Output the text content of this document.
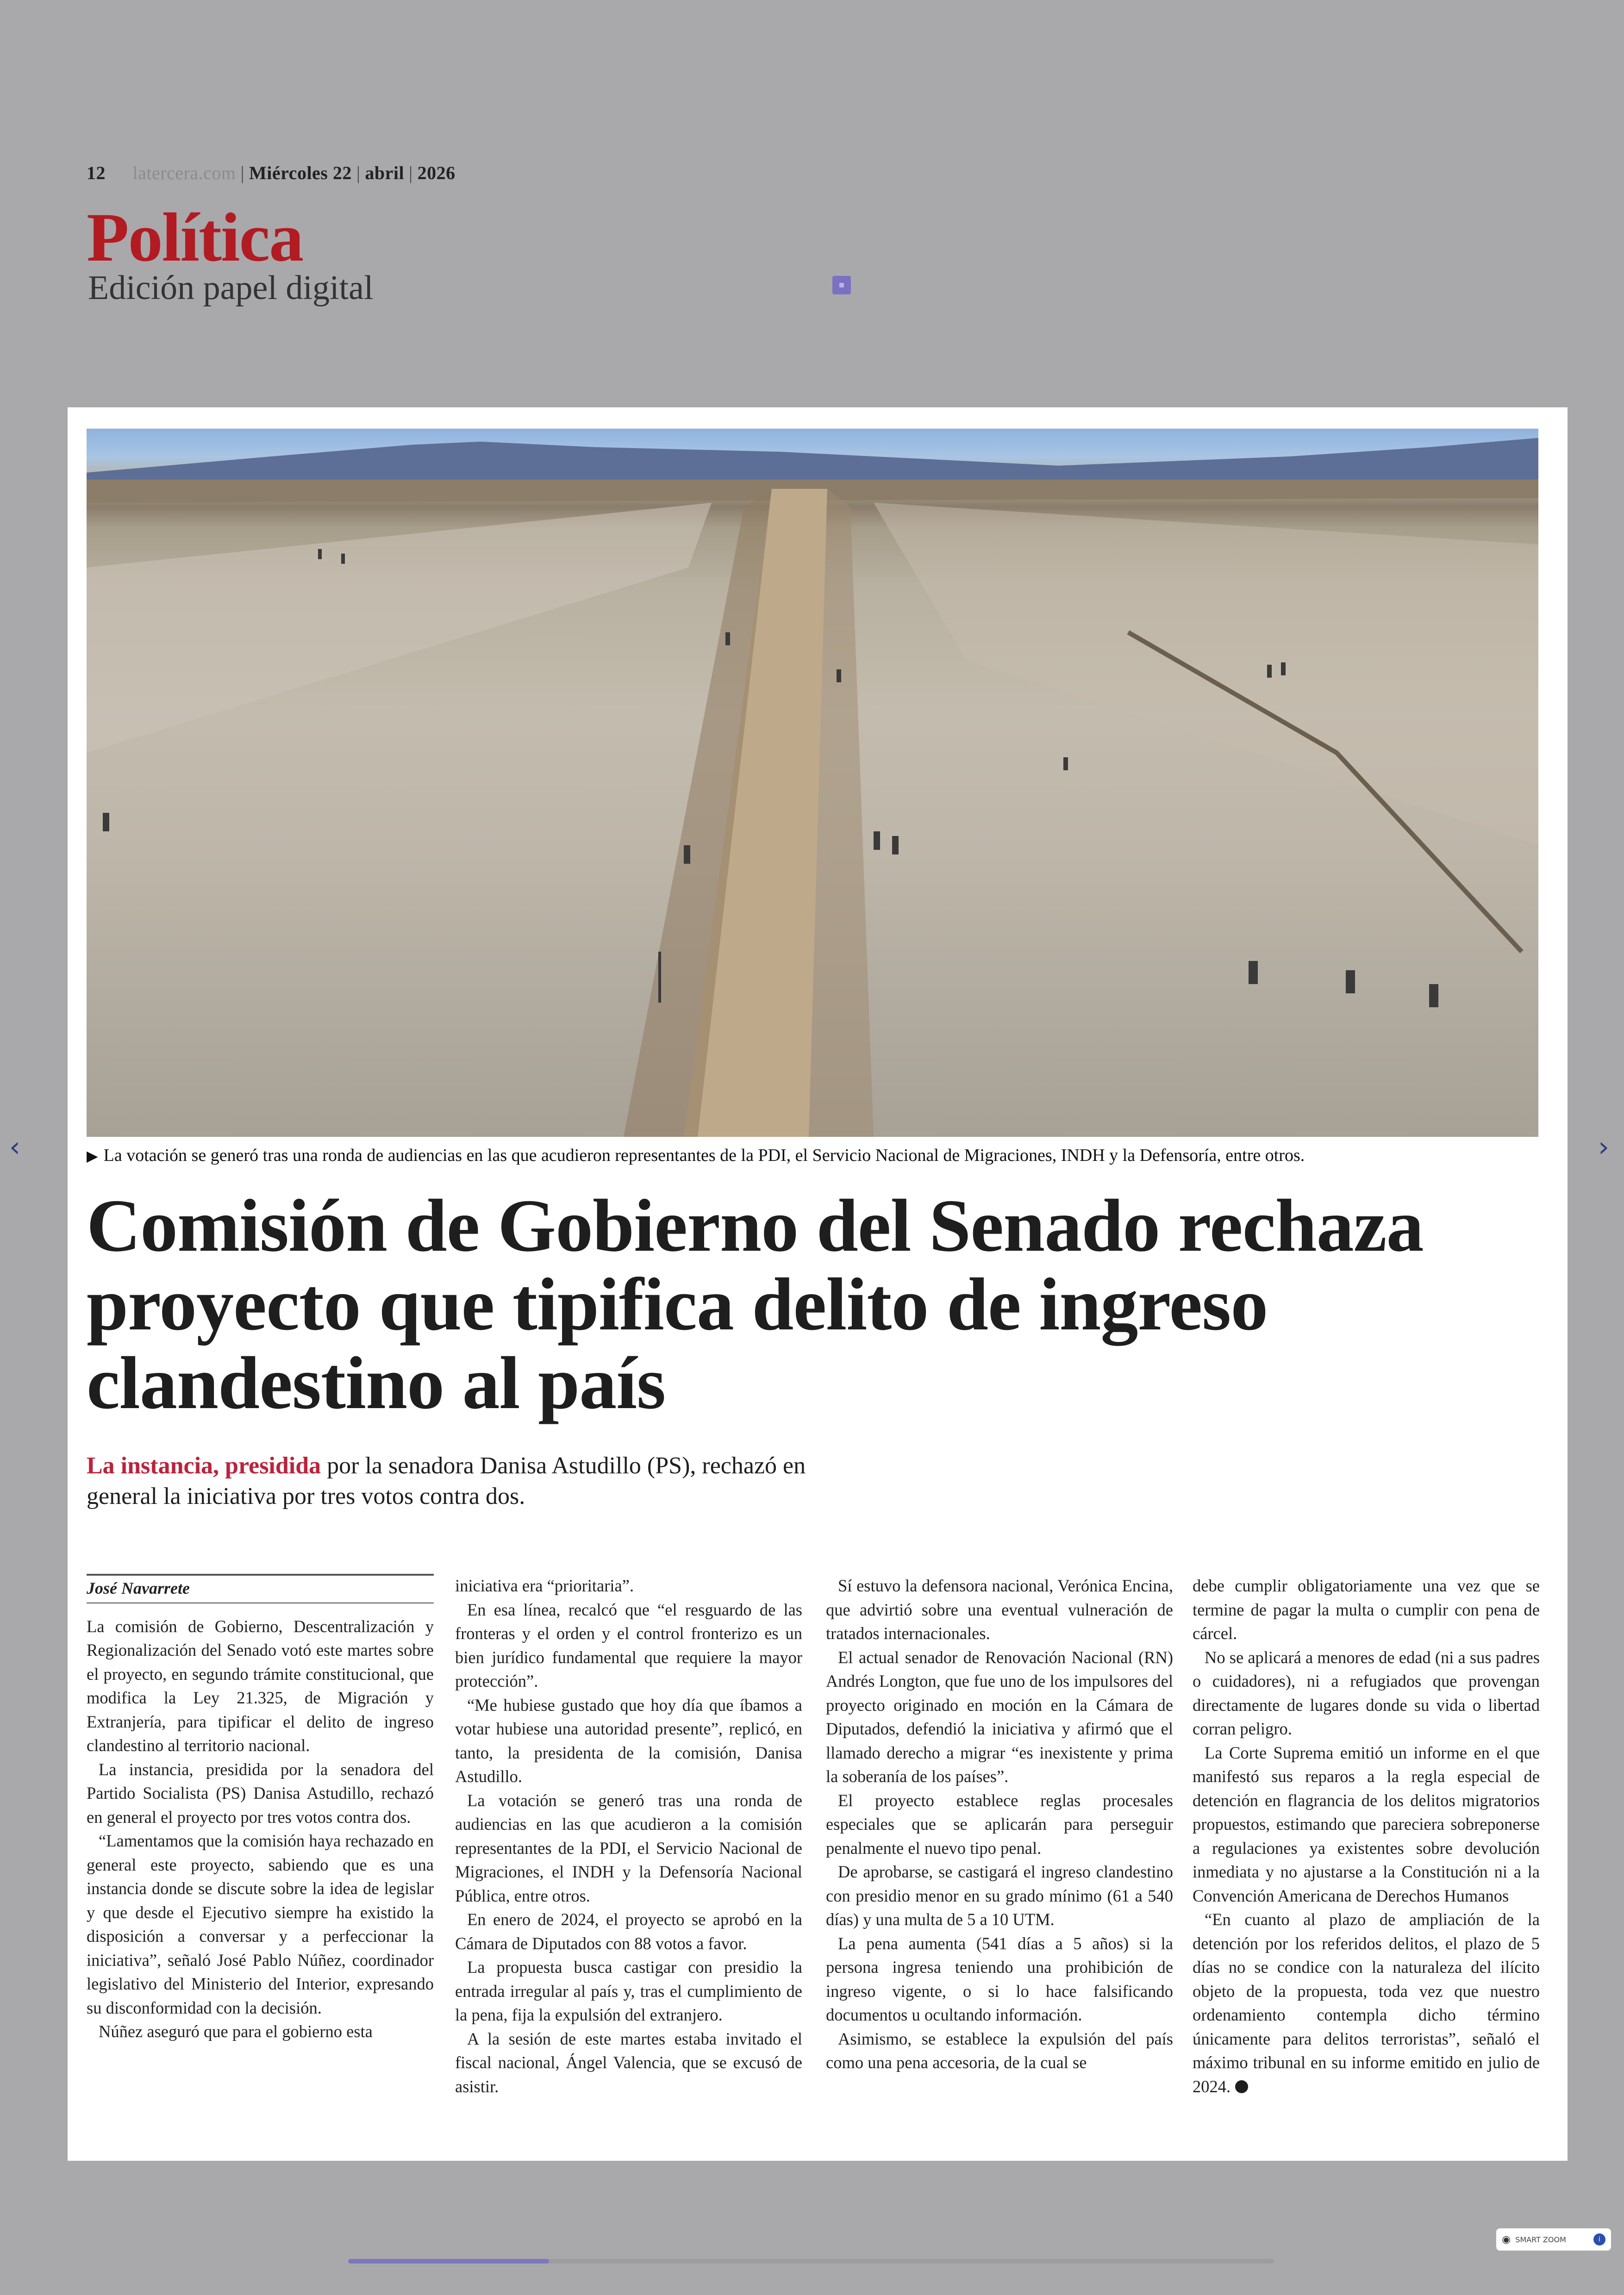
12 latercera.com | Miércoles 22 | abril | 2026
Política
Edición papel digital
‹	›
▶ La votación se generó tras una ronda de audiencias en las que acudieron representantes de la PDI, el Servicio Nacional de Migraciones, INDH y la Defensoría, entre otros.
Comisión de Gobierno del Senado rechaza proyecto que tipifica delito de ingreso clandestino al país
La instancia, presidida por la senadora Danisa Astudillo (PS), rechazó en general la iniciativa por tres votos contra dos.
José Navarrete

La comisión de Gobierno, Descentralización y Regionalización del Senado votó este martes sobre el proyecto, en segundo trámite constitucional, que modifica la Ley 21.325, de Migración y Extranjería, para tipificar el delito de ingreso clandestino al territorio nacional.

La instancia, presidida por la senadora del Partido Socialista (PS) Danisa Astudillo, rechazó en general el proyecto por tres votos contra dos.

“Lamentamos que la comisión haya rechazado en general este proyecto, sabiendo que es una instancia donde se discute sobre la idea de legislar y que desde el Ejecutivo siempre ha existido la disposición a conversar y a perfeccionar la iniciativa”, señaló José Pablo Núñez, coordinador legislativo del Ministerio del Interior, expresando su disconformidad con la decisión.

Núñez aseguró que para el gobierno esta

iniciativa era “prioritaria”.

En esa línea, recalcó que “el resguardo de las fronteras y el orden y el control fronterizo es un bien jurídico fundamental que requiere la mayor protección”.

“Me hubiese gustado que hoy día que íbamos a votar hubiese una autoridad presente”, replicó, en tanto, la presidenta de la comisión, Danisa Astudillo.

La votación se generó tras una ronda de audiencias en las que acudieron a la comisión representantes de la PDI, el Servicio Nacional de Migraciones, el INDH y la Defensoría Nacional Pública, entre otros.

En enero de 2024, el proyecto se aprobó en la Cámara de Diputados con 88 votos a favor.

La propuesta busca castigar con presidio la entrada irregular al país y, tras el cumplimiento de la pena, fija la expulsión del extranjero.

A la sesión de este martes estaba invitado el fiscal nacional, Ángel Valencia, que se excusó de asistir.

Sí estuvo la defensora nacional, Verónica Encina, que advirtió sobre una eventual vulneración de tratados internacionales.

El actual senador de Renovación Nacional (RN) Andrés Longton, que fue uno de los impulsores del proyecto originado en moción en la Cámara de Diputados, defendió la iniciativa y afirmó que el llamado derecho a migrar “es inexistente y prima la soberanía de los países”.

El proyecto establece reglas procesales especiales que se aplicarán para perseguir penalmente el nuevo tipo penal.

De aprobarse, se castigará el ingreso clandestino con presidio menor en su grado mínimo (61 a 540 días) y una multa de 5 a 10 UTM.

La pena aumenta (541 días a 5 años) si la persona ingresa teniendo una prohibición de ingreso vigente, o si lo hace falsificando documentos u ocultando información.

Asimismo, se establece la expulsión del país como una pena accesoria, de la cual se

debe cumplir obligatoriamente una vez que se termine de pagar la multa o cumplir con pena de cárcel.

No se aplicará a menores de edad (ni a sus padres o cuidadores), ni a refugiados que provengan directamente de lugares donde su vida o libertad corran peligro.

La Corte Suprema emitió un informe en el que manifestó sus reparos a la regla especial de detención en flagrancia de los delitos migratorios propuestos, estimando que pareciera sobreponerse a regulaciones ya existentes sobre devolución inmediata y no ajustarse a la Constitución ni a la Convención Americana de Derechos Humanos

“En cuanto al plazo de ampliación de la detención por los referidos delitos, el plazo de 5 días no se condice con la naturaleza del ilícito objeto de la propuesta, toda vez que nuestro ordenamiento contempla dicho término únicamente para delitos terroristas”, señaló el máximo tribunal en su informe emitido en julio de 2024.

◉ SMART ZOOM	i
